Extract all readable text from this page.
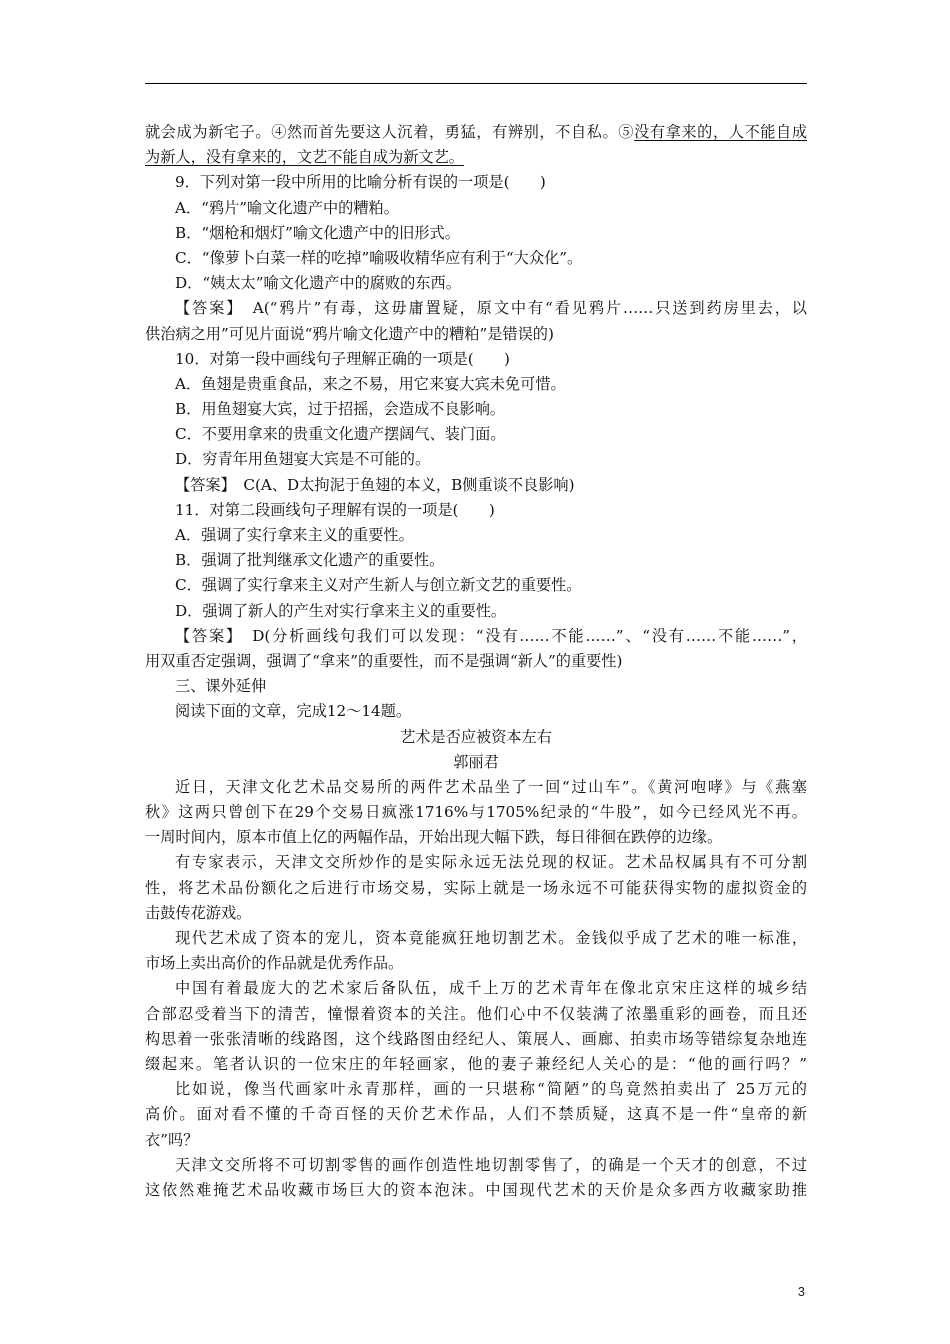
就会成为新宅子。④然而首先要这人沉着，勇猛，有辨别，不自私。⑤没有拿来的，人不能自成
为新人，没有拿来的，文艺不能自成为新文艺。
9．下列对第一段中所用的比喻分析有误的一项是(　　)
A．“鸦片”喻文化遗产中的糟粕。
B．“烟枪和烟灯”喻文化遗产中的旧形式。
C．“像萝卜白菜一样的吃掉”喻吸收精华应有利于“大众化”。
D．“姨太太”喻文化遗产中的腐败的东西。
【答案】　A(“鸦片”有毒，这毋庸置疑，原文中有“看见鸦片……只送到药房里去，以
供治病之用”可见片面说“鸦片喻文化遗产中的糟粕”是错误的)
10．对第一段中画线句子理解正确的一项是(　　)
A．鱼翅是贵重食品，来之不易，用它来宴大宾未免可惜。
B．用鱼翅宴大宾，过于招摇，会造成不良影响。
C．不要用拿来的贵重文化遗产摆阔气、装门面。
D．穷青年用鱼翅宴大宾是不可能的。
【答案】　C(A、D太拘泥于鱼翅的本义，B侧重谈不良影响)
11．对第二段画线句子理解有误的一项是(　　)
A．强调了实行拿来主义的重要性。
B．强调了批判继承文化遗产的重要性。
C．强调了实行拿来主义对产生新人与创立新文艺的重要性。
D．强调了新人的产生对实行拿来主义的重要性。
【答案】　D(分析画线句我们可以发现：“没有……不能……”、“没有……不能……”，
用双重否定强调，强调了“拿来”的重要性，而不是强调“新人”的重要性)
三、课外延伸
阅读下面的文章，完成12～14题。
艺术是否应被资本左右
郭丽君
近日，天津文化艺术品交易所的两件艺术品坐了一回“过山车”。《黄河咆哮》与《燕塞
秋》这两只曾创下在29个交易日疯涨1716%与1705%纪录的“牛股”，如今已经风光不再。
一周时间内，原本市值上亿的两幅作品，开始出现大幅下跌，每日徘徊在跌停的边缘。
有专家表示，天津文交所炒作的是实际永远无法兑现的权证。艺术品权属具有不可分割
性，将艺术品份额化之后进行市场交易，实际上就是一场永远不可能获得实物的虚拟资金的
击鼓传花游戏。
现代艺术成了资本的宠儿，资本竟能疯狂地切割艺术。金钱似乎成了艺术的唯一标准，
市场上卖出高价的作品就是优秀作品。
中国有着最庞大的艺术家后备队伍，成千上万的艺术青年在像北京宋庄这样的城乡结
合部忍受着当下的清苦，憧憬着资本的关注。他们心中不仅装满了浓墨重彩的画卷，而且还
构思着一张张清晰的线路图，这个线路图由经纪人、策展人、画廊、拍卖市场等错综复杂地连
缀起来。笔者认识的一位宋庄的年轻画家，他的妻子兼经纪人关心的是：“他的画行吗？”
比如说，像当代画家叶永青那样，画的一只堪称“简陋”的鸟竟然拍卖出了 25万元的
高价。面对看不懂的千奇百怪的天价艺术作品，人们不禁质疑，这真不是一件“皇帝的新
衣”吗？
天津文交所将不可切割零售的画作创造性地切割零售了，的确是一个天才的创意，不过
这依然难掩艺术品收藏市场巨大的资本泡沫。中国现代艺术的天价是众多西方收藏家助推
3
